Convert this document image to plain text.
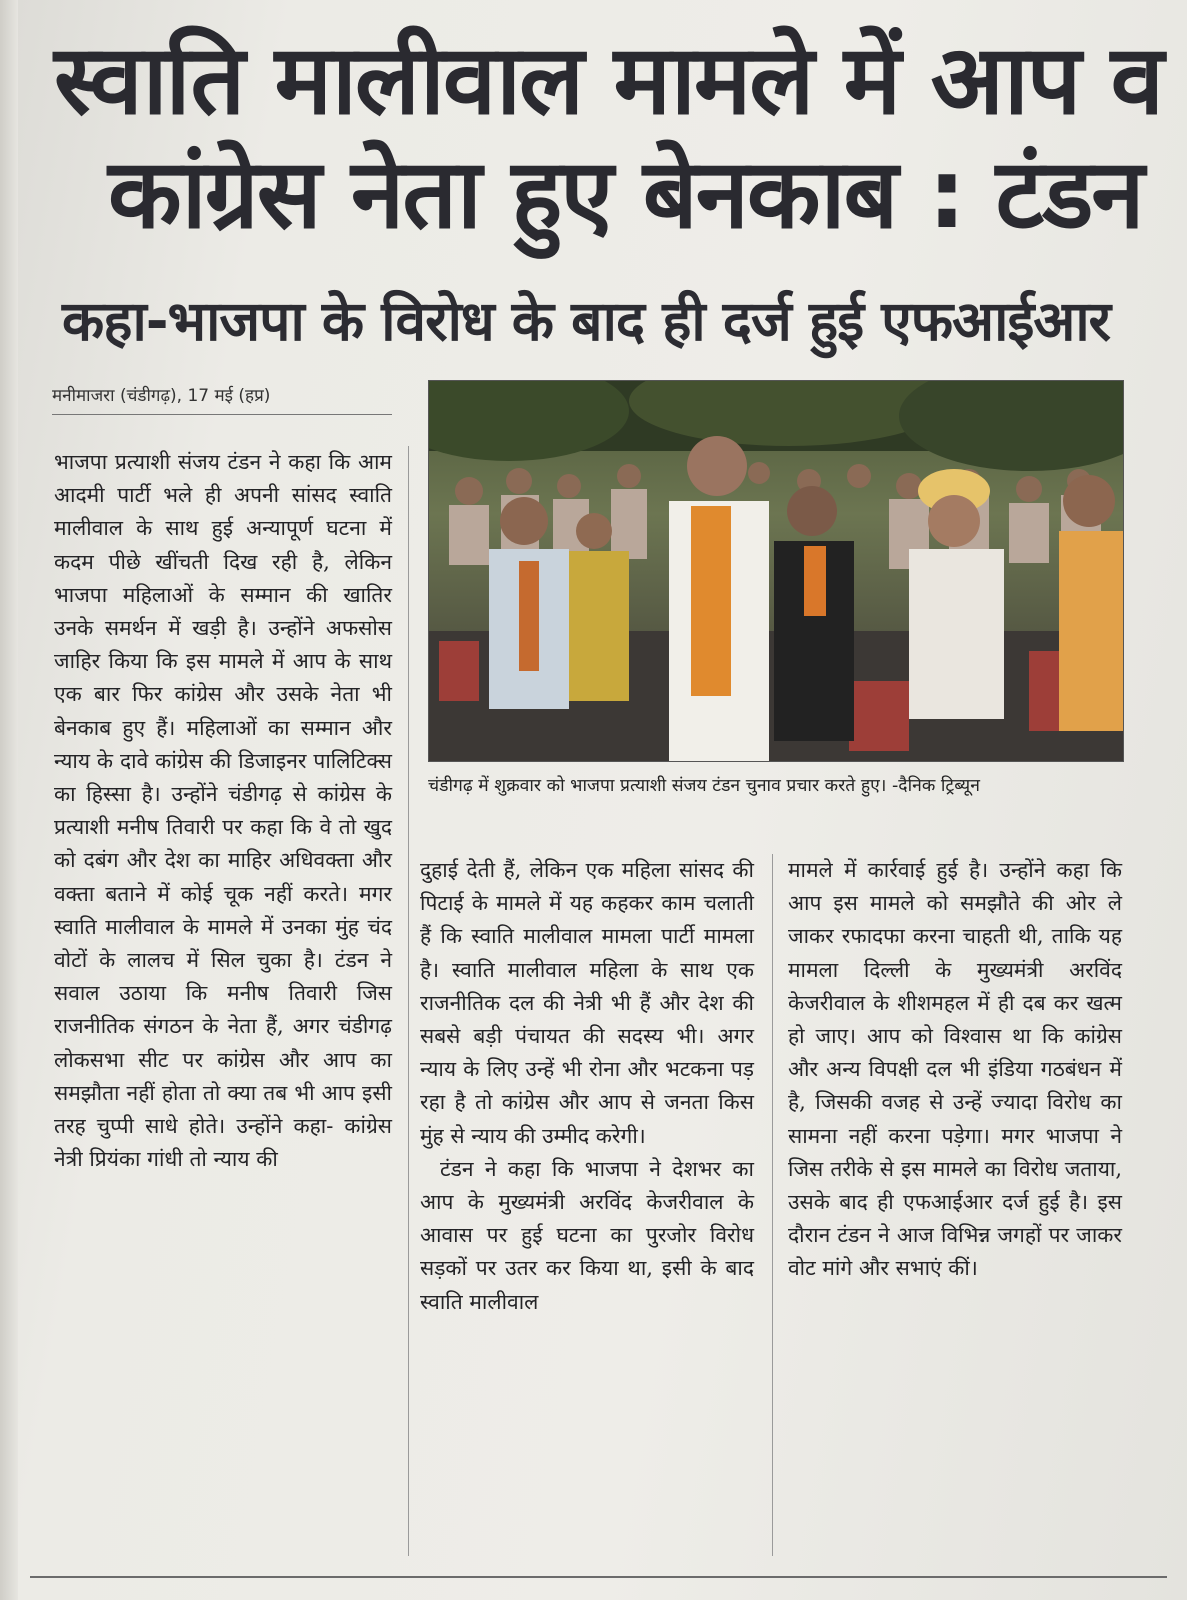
स्वाति मालीवाल मामले में आप व
कांग्रेस नेता हुए बेनकाब : टंडन
कहा-भाजपा के विरोध के बाद ही दर्ज हुई एफआईआर
मनीमाजरा (चंडीगढ़), 17 मई (हप्र)
भाजपा प्रत्याशी संजय टंडन ने कहा कि आम आदमी पार्टी भले ही अपनी सांसद स्वाति मालीवाल के साथ हुई अन्यापूर्ण घटना में कदम पीछे खींचती दिख रही है, लेकिन भाजपा महिलाओं के सम्मान की खातिर उनके समर्थन में खड़ी है। उन्होंने अफसोस जाहिर किया कि इस मामले में आप के साथ एक बार फिर कांग्रेस और उसके नेता भी बेनकाब हुए हैं। महिलाओं का सम्मान और न्याय के दावे कांग्रेस की डिजाइनर पालिटिक्स का हिस्सा है। उन्होंने चंडीगढ़ से कांग्रेस के प्रत्याशी मनीष तिवारी पर कहा कि वे तो खुद को दबंग और देश का माहिर अधिवक्ता और वक्ता बताने में कोई चूक नहीं करते। मगर स्वाति मालीवाल के मामले में उनका मुंह चंद वोटों के लालच में सिल चुका है। टंडन ने सवाल उठाया कि मनीष तिवारी जिस राजनीतिक संगठन के नेता हैं, अगर चंडीगढ़ लोकसभा सीट पर कांग्रेस और आप का समझौता नहीं होता तो क्या तब भी आप इसी तरह चुप्पी साधे होते। उन्होंने कहा- कांग्रेस नेत्री प्रियंका गांधी तो न्याय की
चंडीगढ़ में शुक्रवार को भाजपा प्रत्याशी संजय टंडन चुनाव प्रचार करते हुए। -दैनिक ट्रिब्यून
दुहाई देती हैं, लेकिन एक महिला सांसद की पिटाई के मामले में यह कहकर काम चलाती हैं कि स्वाति मालीवाल मामला पार्टी मामला है। स्वाति मालीवाल महिला के साथ एक राजनीतिक दल की नेत्री भी हैं और देश की सबसे बड़ी पंचायत की सदस्य भी। अगर न्याय के लिए उन्हें भी रोना और भटकना पड़ रहा है तो कांग्रेस और आप से जनता किस मुंह से न्याय की उम्मीद करेगी।
टंडन ने कहा कि भाजपा ने देशभर का आप के मुख्यमंत्री अरविंद केजरीवाल के आवास पर हुई घटना का पुरजोर विरोध सड़कों पर उतर कर किया था, इसी के बाद स्वाति मालीवाल
मामले में कार्रवाई हुई है। उन्होंने कहा कि आप इस मामले को समझौते की ओर ले जाकर रफादफा करना चाहती थी, ताकि यह मामला दिल्ली के मुख्यमंत्री अरविंद केजरीवाल के शीशमहल में ही दब कर खत्म हो जाए। आप को विश्वास था कि कांग्रेस और अन्य विपक्षी दल भी इंडिया गठबंधन में है, जिसकी वजह से उन्हें ज्यादा विरोध का सामना नहीं करना पड़ेगा। मगर भाजपा ने जिस तरीके से इस मामले का विरोध जताया, उसके बाद ही एफआईआर दर्ज हुई है। इस दौरान टंडन ने आज विभिन्न जगहों पर जाकर वोट मांगे और सभाएं कीं।
